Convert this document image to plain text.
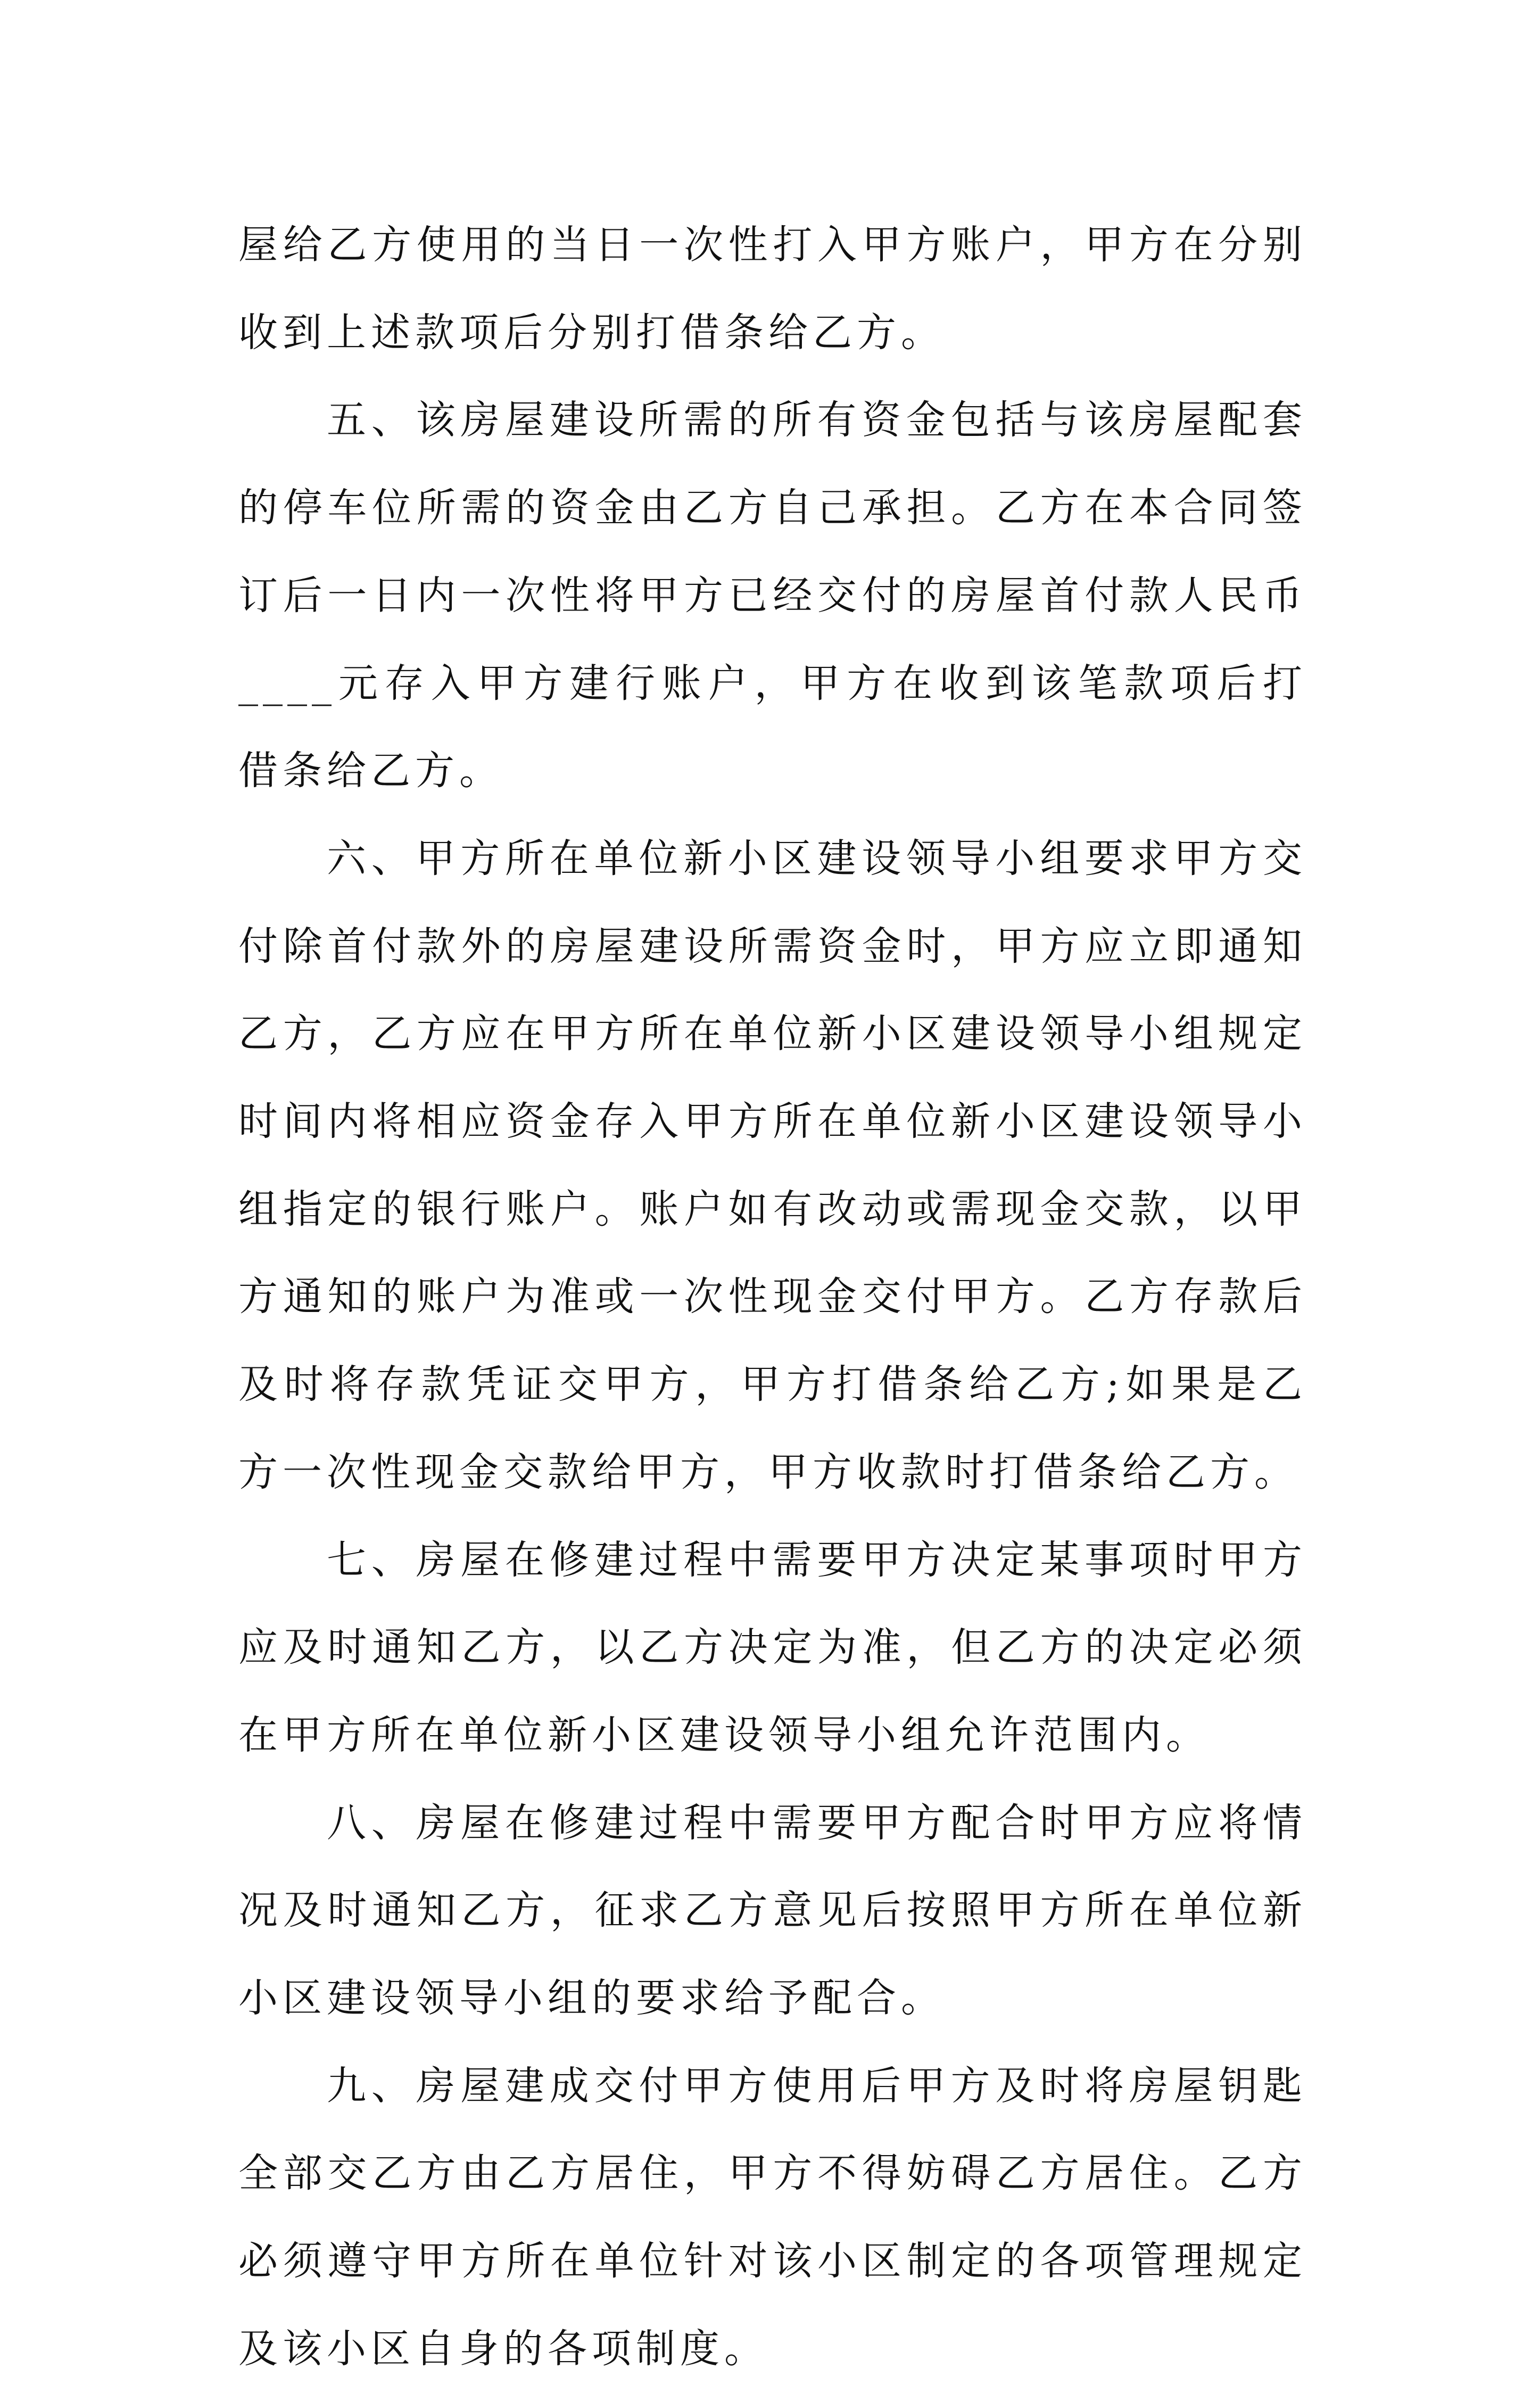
屋给乙方使用的当日一次性打入甲方账户，甲方在分别收到上述款项后分别打借条给乙方。

五、该房屋建设所需的所有资金包括与该房屋配套的停车位所需的资金由乙方自己承担。乙方在本合同签订后一日内一次性将甲方已经交付的房屋首付款人民币____元存入甲方建行账户，甲方在收到该笔款项后打借条给乙方。

六、甲方所在单位新小区建设领导小组要求甲方交付除首付款外的房屋建设所需资金时，甲方应立即通知乙方，乙方应在甲方所在单位新小区建设领导小组规定时间内将相应资金存入甲方所在单位新小区建设领导小组指定的银行账户。账户如有改动或需现金交款，以甲方通知的账户为准或一次性现金交付甲方。乙方存款后及时将存款凭证交甲方，甲方打借条给乙方;如果是乙方一次性现金交款给甲方，甲方收款时打借条给乙方。

七、房屋在修建过程中需要甲方决定某事项时甲方应及时通知乙方，以乙方决定为准，但乙方的决定必须在甲方所在单位新小区建设领导小组允许范围内。

八、房屋在修建过程中需要甲方配合时甲方应将情况及时通知乙方，征求乙方意见后按照甲方所在单位新小区建设领导小组的要求给予配合。

九、房屋建成交付甲方使用后甲方及时将房屋钥匙全部交乙方由乙方居住，甲方不得妨碍乙方居住。乙方必须遵守甲方所在单位针对该小区制定的各项管理规定及该小区自身的各项制度。
